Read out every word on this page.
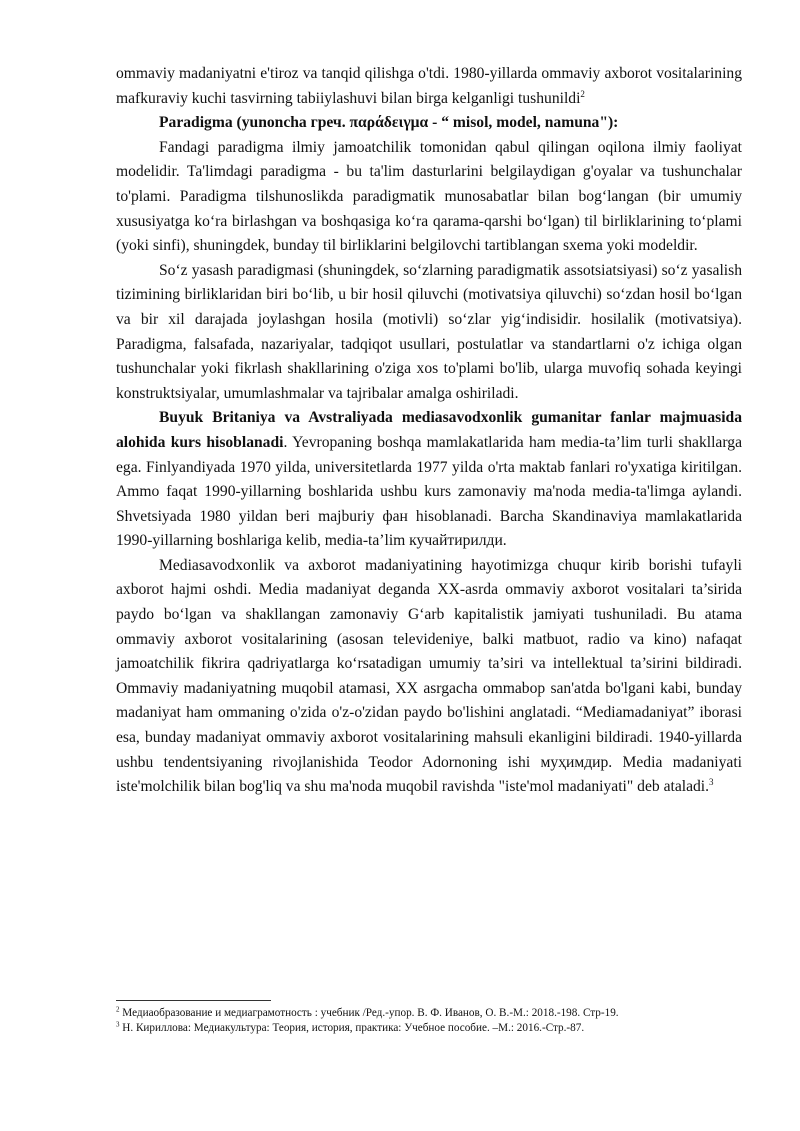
ommaviy madaniyatni e'tiroz va tanqid qilishga o'tdi. 1980-yillarda ommaviy axborot vositalarining mafkuraviy kuchi tasvirning tabiiylashuvi bilan birga kelganligi tushunildi$^2$

Paradigma (yunoncha греч. παράδειγμα - “ misol, model, namuna"):

Fandagi paradigma ilmiy jamoatchilik tomonidan qabul qilingan oqilona ilmiy faoliyat modelidir. Ta'limdagi paradigma - bu ta'lim dasturlarini belgilaydigan g'oyalar va tushunchalar to'plami. Paradigma tilshunoslikda paradigmatik munosabatlar bilan bogʻlangan (bir umumiy xususiyatga koʻra birlashgan va boshqasiga koʻra qarama-qarshi boʻlgan) til birliklarining toʻplami (yoki sinfi), shuningdek, bunday til birliklarini belgilovchi tartiblangan sxema yoki modeldir.

Soʻz yasash paradigmasi (shuningdek, soʻzlarning paradigmatik assotsiatsiyasi) soʻz yasalish tizimining birliklaridan biri boʻlib, u bir hosil qiluvchi (motivatsiya qiluvchi) soʻzdan hosil boʻlgan va bir xil darajada joylashgan hosila (motivli) soʻzlar yigʻindisidir. hosilalik (motivatsiya). Paradigma, falsafada, nazariyalar, tadqiqot usullari, postulatlar va standartlarni o'z ichiga olgan tushunchalar yoki fikrlash shakllarining o'ziga xos to'plami bo'lib, ularga muvofiq sohada keyingi konstruktsiyalar, umumlashmalar va tajribalar amalga oshiriladi.

Buyuk Britaniya va Avstraliyada mediasavodxonlik gumanitar fanlar majmuasida alohida kurs hisoblanadi. Yevropaning boshqa mamlakatlarida ham media-ta’lim turli shakllarga ega. Finlyandiyada 1970 yilda, universitetlarda 1977 yilda o'rta maktab fanlari ro'yxatiga kiritilgan. Ammo faqat 1990-yillarning boshlarida ushbu kurs zamonaviy ma'noda media-ta'limga aylandi. Shvetsiyada 1980 yildan beri majburiy фан hisoblanadi. Barcha Skandinaviya mamlakatlarida 1990-yillarning boshlariga kelib, media-ta’lim кучайтирилди.

Mediasavodxonlik va axborot madaniyatining hayotimizga chuqur kirib borishi tufayli axborot hajmi oshdi. Media madaniyat deganda XX-asrda ommaviy axborot vositalari ta’sirida paydo boʻlgan va shakllangan zamonaviy Gʻarb kapitalistik jamiyati tushuniladi. Bu atama ommaviy axborot vositalarining (asosan televideniye, balki matbuot, radio va kino) nafaqat jamoatchilik fikrira qadriyatlarga koʻrsatadigan umumiy ta’siri va intellektual ta’sirini bildiradi. Ommaviy madaniyatning muqobil atamasi, XX asrgacha ommabop san'atda bo'lgani kabi, bunday madaniyat ham ommaning o'zida o'z-o'zidan paydo bo'lishini anglatadi. “Mediamadaniyat” iborasi esa, bunday madaniyat ommaviy axborot vositalarining mahsuli ekanligini bildiradi. 1940-yillarda ushbu tendentsiyaning rivojlanishida Teodor Adornoning ishi муҳимдир. Media madaniyati iste'molchilik bilan bog'liq va shu ma'noda muqobil ravishda "iste'mol madaniyati" deb ataladi.$^3$

$^2$ Медиаобразование и медиаграмотность : учебник /Ред.-упор. В. Ф. Иванов, О. В.-М.: 2018.-198. Стр-19.

$^3$ Н. Кириллова: Медиакультура: Теория, история, практика: Учебное пособие. –М.: 2016.-Стр.-87.
